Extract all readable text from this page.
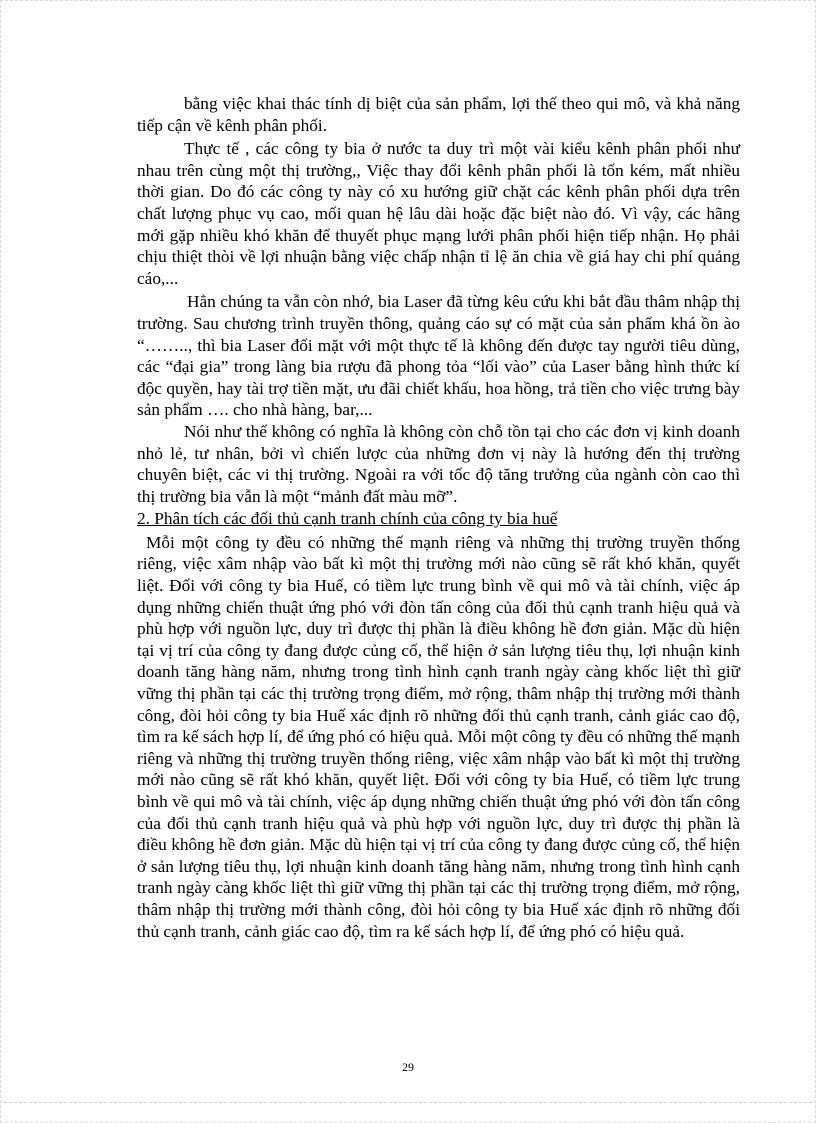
bằng việc khai thác tính dị biệt của sản phẩm, lợi thế theo qui mô, và khả năng tiếp cận về kênh phân phối.

Thực tế , các công ty bia ở nước ta duy trì một vài kiểu kênh phân phối như nhau trên cùng một thị trường,, Việc thay đổi kênh phân phối là tốn kém, mất nhiều thời gian. Do đó các công ty này có xu hướng giữ chặt các kênh phân phối dựa trên chất lượng phục vụ cao, mối quan hệ lâu dài hoặc đặc biệt nào đó. Vì vậy, các hãng mới gặp nhiều khó khăn để thuyết phục mạng lưới phân phối hiện tiếp nhận. Họ phải chịu thiệt thòi về lợi nhuận bằng việc chấp nhận tỉ lệ ăn chia về giá hay chi phí quảng cáo,...

Hẳn chúng ta vẫn còn nhớ, bia Laser đã từng kêu cứu khi bắt đầu thâm nhập thị trường. Sau chương trình truyền thông, quảng cáo sự có mặt của sản phẩm khá ồn ào “…….., thì bia Laser đối mặt với một thực tế là không đến được tay người tiêu dùng, các “đại gia” trong làng bia rượu đã phong tỏa “lối vào” của Laser bằng hình thức kí độc quyền, hay tài trợ tiền mặt, ưu đãi chiết khấu, hoa hồng, trả tiền cho việc trưng bày sản phẩm …. cho nhà hàng, bar,...

Nói như thế không có nghĩa là không còn chỗ tồn tại cho các đơn vị kinh doanh nhỏ lẻ, tư nhân, bởi vì chiến lược của những đơn vị này là hướng đến thị trường chuyên biệt, các vi thị trường. Ngoài ra với tốc độ tăng trưởng của ngành còn cao thì thị trường bia vẫn là một “mảnh đất màu mỡ”.

2. Phân tích các đối thủ cạnh tranh chính của công ty bia huế

Mỗi một công ty đều có những thế mạnh riêng và những thị trường truyền thống riêng, việc xâm nhập vào bất kì một thị trường mới nào cũng sẽ rất khó khăn, quyết liệt. Đối với công ty bia Huế, có tiềm lực trung bình về qui mô và tài chính, việc áp dụng những chiến thuật ứng phó với đòn tấn công của đối thủ cạnh tranh hiệu quả và phù hợp với nguồn lực, duy trì được thị phần là điều không hề đơn giản. Mặc dù hiện tại vị trí của công ty đang được củng cố, thể hiện ở sản lượng tiêu thụ, lợi nhuận kinh doanh tăng hàng năm, nhưng trong tình hình cạnh tranh ngày càng khốc liệt thì giữ vững thị phần tại các thị trường trọng điểm, mở rộng, thâm nhập thị trường mới thành công, đòi hỏi công ty bia Huế xác định rõ những đối thủ cạnh tranh, cảnh giác cao độ, tìm ra kế sách hợp lí, để ứng phó có hiệu quả. Mỗi một công ty đều có những thế mạnh riêng và những thị trường truyền thống riêng, việc xâm nhập vào bất kì một thị trường mới nào cũng sẽ rất khó khăn, quyết liệt. Đối với công ty bia Huế, có tiềm lực trung bình về qui mô và tài chính, việc áp dụng những chiến thuật ứng phó với đòn tấn công của đối thủ cạnh tranh hiệu quả và phù hợp với nguồn lực, duy trì được thị phần là điều không hề đơn giản. Mặc dù hiện tại vị trí của công ty đang được củng cố, thể hiện ở sản lượng tiêu thụ, lợi nhuận kinh doanh tăng hàng năm, nhưng trong tình hình cạnh tranh ngày càng khốc liệt thì giữ vững thị phần tại các thị trường trọng điểm, mở rộng, thâm nhập thị trường mới thành công, đòi hỏi công ty bia Huế xác định rõ những đối thủ cạnh tranh, cảnh giác cao độ, tìm ra kế sách hợp lí, để ứng phó có hiệu quả.

29
